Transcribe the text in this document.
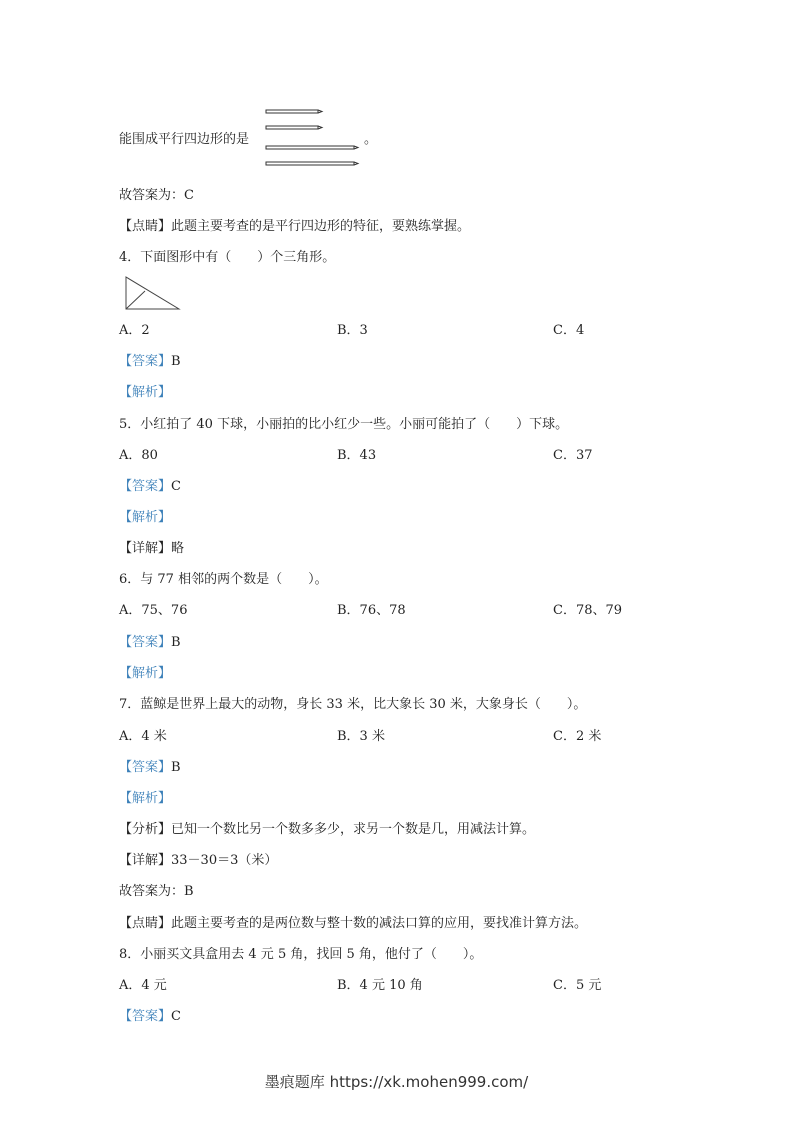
能围成平行四边形的是	。
故答案为：C
【点睛】此题主要考查的是平行四边形的特征，要熟练掌握。
4．下面图形中有（　　）个三角形。
A．2	B．3	C．4
【答案】B
【解析】
5．小红拍了 40 下球，小丽拍的比小红少一些。小丽可能拍了（　　）下球。
A．80	B．43	C．37
【答案】C
【解析】
【详解】略
6．与 77 相邻的两个数是（　　）。
A．75、76	B．76、78	C．78、79
【答案】B
【解析】
7．蓝鲸是世界上最大的动物，身长 33 米，比大象长 30 米，大象身长（　　）。
A．4 米	B．3 米	C．2 米
【答案】B
【解析】
【分析】已知一个数比另一个数多多少，求另一个数是几，用减法计算。
【详解】33－30＝3（米）
故答案为：B
【点睛】此题主要考查的是两位数与整十数的减法口算的应用，要找准计算方法。
8．小丽买文具盒用去 4 元 5 角，找回 5 角，他付了（　　）。
A．4 元	B．4 元 10 角	C．5 元
【答案】C
墨痕题库 https://xk.mohen999.com/
